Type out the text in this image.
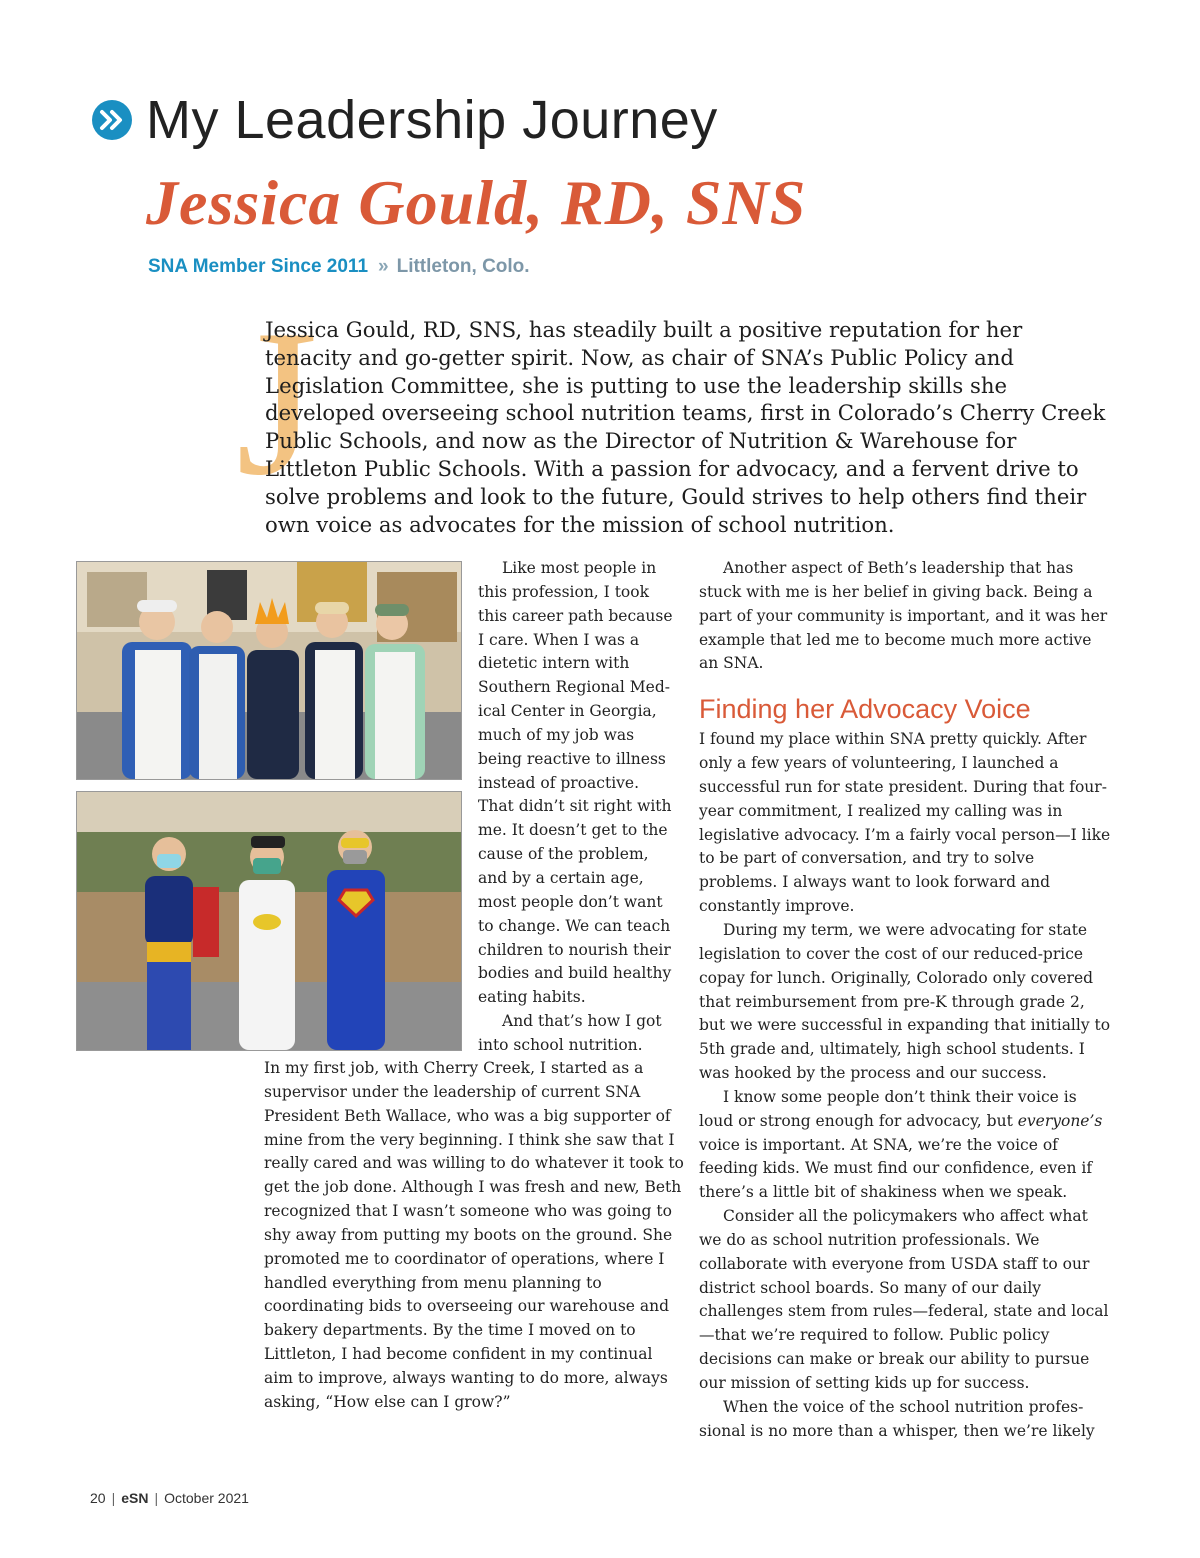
My Leadership Journey
Jessica Gould, RD, SNS
SNA Member Since 2011 » Littleton, Colo.
J

Jessica Gould, RD, SNS, has steadily built a positive reputation for her tenacity and go-getter spirit. Now, as chair of SNA’s Public Policy and Legislation Committee, she is putting to use the leadership skills she developed overseeing school nutrition teams, first in Colorado’s Cherry Creek Public Schools, and now as the Director of Nutrition & Warehouse for Littleton Public Schools. With a passion for advocacy, and a fervent drive to solve problems and look to the future, Gould strives to help others find their own voice as advocates for the mission of school nutrition.

Like most people in this profession, I took this career path because I care. When I was a dietetic intern with Southern Regional Medical Center in Georgia, much of my job was being reactive to illness instead of proactive. That didn’t sit right with me. It doesn’t get to the cause of the problem, and by a certain age, most people don’t want to change. We can teach children to nourish their bodies and build healthy eating habits.

And that’s how I got into school nutrition.

In my first job, with Cherry Creek, I started as a supervisor under the leadership of current SNA President Beth Wallace, who was a big supporter of mine from the very beginning. I think she saw that I really cared and was willing to do whatever it took to get the job done. Although I was fresh and new, Beth recognized that I wasn’t someone who was going to shy away from putting my boots on the ground. She promoted me to coordinator of operations, where I handled everything from menu planning to coordinating bids to overseeing our warehouse and bakery departments. By the time I moved on to Littleton, I had become confident in my continual aim to improve, always wanting to do more, always asking, “How else can I grow?”

Another aspect of Beth’s leadership that has stuck with me is her belief in giving back. Being a part of your community is important, and it was her example that led me to become much more active an SNA.

Finding her Advocacy Voice

I found my place within SNA pretty quickly. After only a few years of volunteering, I launched a successful run for state president. During that four-year commitment, I realized my calling was in legislative advocacy. I’m a fairly vocal person—I like to be part of conversation, and try to solve problems. I always want to look forward and constantly improve.

During my term, we were advocating for state legislation to cover the cost of our reduced-price copay for lunch. Originally, Colorado only covered that reimbursement from pre-K through grade 2, but we were successful in expanding that initially to 5th grade and, ultimately, high school students. I was hooked by the process and our success.

I know some people don’t think their voice is loud or strong enough for advocacy, but everyone’s voice is important. At SNA, we’re the voice of feeding kids. We must find our confidence, even if there’s a little bit of shakiness when we speak.

Consider all the policymakers who affect what we do as school nutrition professionals. We collaborate with everyone from USDA staff to our district school boards. So many of our daily challenges stem from rules—federal, state and local—that we’re required to follow. Public policy decisions can make or break our ability to pursue our mission of setting kids up for success.

When the voice of the school nutrition professional is no more than a whisper, then we’re likely

20 | eSN | October 2021
